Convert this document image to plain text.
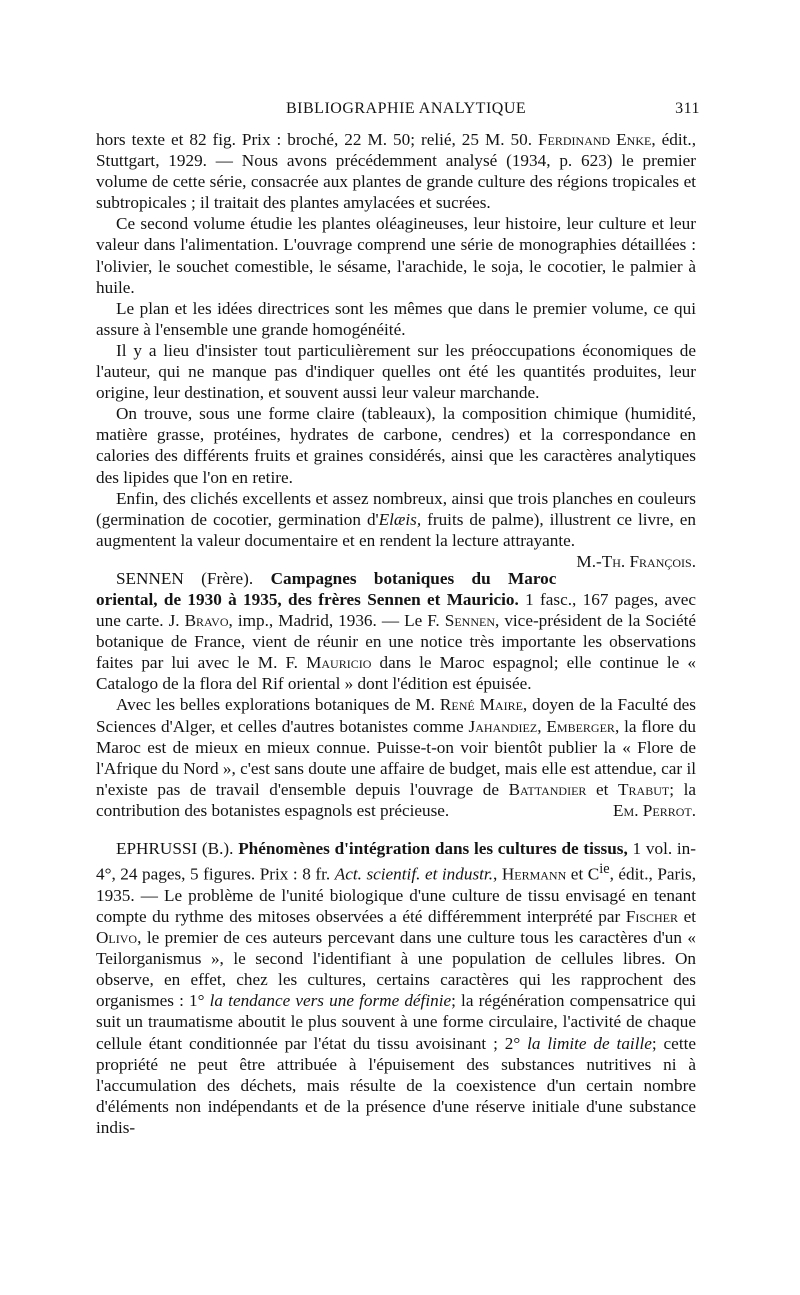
BIBLIOGRAPHIE ANALYTIQUE	311

hors texte et 82 fig. Prix : broché, 22 M. 50; relié, 25 M. 50. Ferdinand Enke, édit., Stuttgart, 1929. — Nous avons précédemment analysé (1934, p. 623) le premier volume de cette série, consacrée aux plantes de grande culture des régions tropicales et subtropicales ; il traitait des plantes amylacées et sucrées.

Ce second volume étudie les plantes oléagineuses, leur histoire, leur culture et leur valeur dans l'alimentation. L'ouvrage comprend une série de monographies détaillées : l'olivier, le souchet comestible, le sésame, l'arachide, le soja, le cocotier, le palmier à huile.

Le plan et les idées directrices sont les mêmes que dans le premier volume, ce qui assure à l'ensemble une grande homogénéité.

Il y a lieu d'insister tout particulièrement sur les préoccupations économiques de l'auteur, qui ne manque pas d'indiquer quelles ont été les quantités produites, leur origine, leur destination, et souvent aussi leur valeur marchande.

On trouve, sous une forme claire (tableaux), la composition chimique (humidité, matière grasse, protéines, hydrates de carbone, cendres) et la correspondance en calories des différents fruits et graines considérés, ainsi que les caractères analytiques des lipides que l'on en retire.

Enfin, des clichés excellents et assez nombreux, ainsi que trois planches en couleurs (germination de cocotier, germination d'Elæis, fruits de palme), illustrent ce livre, en augmentent la valeur documentaire et en rendent la lecture attrayante.
M.-Th. François.

SENNEN (Frère). Campagnes botaniques du Maroc oriental, de 1930 à 1935, des frères Sennen et Mauricio. 1 fasc., 167 pages, avec une carte. J. Bravo, imp., Madrid, 1936. — Le F. Sennen, vice-président de la Société botanique de France, vient de réunir en une notice très importante les observations faites par lui avec le M. F. Mauricio dans le Maroc espagnol; elle continue le « Catalogo de la flora del Rif oriental » dont l'édition est épuisée.

Avec les belles explorations botaniques de M. René Maire, doyen de la Faculté des Sciences d'Alger, et celles d'autres botanistes comme Jahandiez, Emberger, la flore du Maroc est de mieux en mieux connue. Puisse-t-on voir bientôt publier la « Flore de l'Afrique du Nord », c'est sans doute une affaire de budget, mais elle est attendue, car il n'existe pas de travail d'ensemble depuis l'ouvrage de Battandier et Trabut; la contribution des botanistes espagnols est précieuse.	Em. Perrot.

EPHRUSSI (B.). Phénomènes d'intégration dans les cultures de tissus, 1 vol. in-4°, 24 pages, 5 figures. Prix : 8 fr. Act. scientif. et industr., Hermann et $C^{ie}$, édit., Paris, 1935. — Le problème de l'unité biologique d'une culture de tissu envisagé en tenant compte du rythme des mitoses observées a été différemment interprété par Fischer et Olivo, le premier de ces auteurs percevant dans une culture tous les caractères d'un « Teilorganismus », le second l'identifiant à une population de cellules libres. On observe, en effet, chez les cultures, certains caractères qui les rapprochent des organismes : 1° la tendance vers une forme définie; la régénération compensatrice qui suit un traumatisme aboutit le plus souvent à une forme circulaire, l'activité de chaque cellule étant conditionnée par l'état du tissu avoisinant ; 2° la limite de taille; cette propriété ne peut être attribuée à l'épuisement des substances nutritives ni à l'accumulation des déchets, mais résulte de la coexistence d'un certain nombre d'éléments non indépendants et de la présence d'une réserve initiale d'une substance indis-
